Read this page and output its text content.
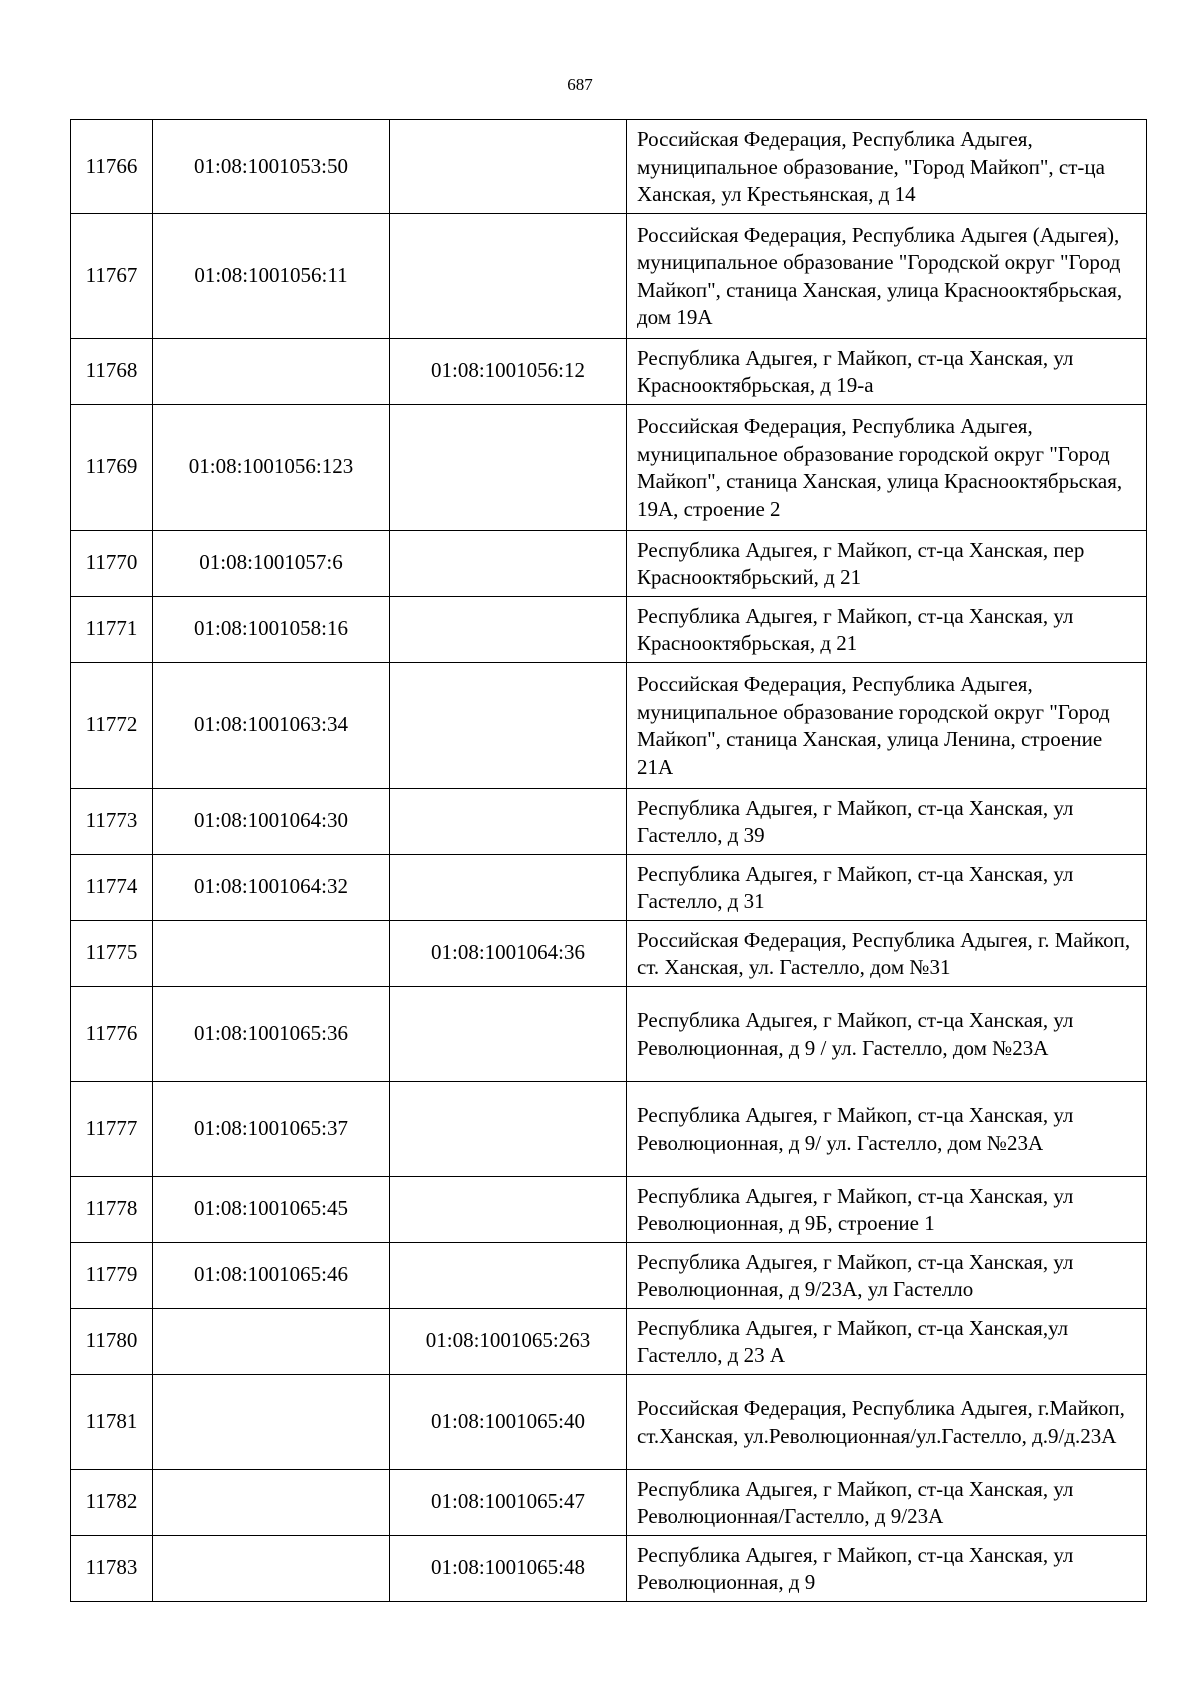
687
11766	01:08:1001053:50		Российская Федерация, Республика Адыгея, муниципальное образование, "Город Майкоп", ст-ца Ханская, ул Крестьянская, д 14
11767	01:08:1001056:11		Российская Федерация, Республика Адыгея (Адыгея), муниципальное образование "Городской округ "Город Майкоп", станица Ханская, улица Краснооктябрьская, дом 19А
11768		01:08:1001056:12	Республика Адыгея, г Майкоп, ст-ца Ханская, ул Краснооктябрьская, д 19-а
11769	01:08:1001056:123		Российская Федерация, Республика Адыгея, муниципальное образование городской округ "Город Майкоп", станица Ханская, улица Краснооктябрьская, 19А, строение 2
11770	01:08:1001057:6		Республика Адыгея, г Майкоп, ст-ца Ханская, пер Краснооктябрьский, д 21
11771	01:08:1001058:16		Республика Адыгея, г Майкоп, ст-ца Ханская, ул Краснооктябрьская, д 21
11772	01:08:1001063:34		Российская Федерация, Республика Адыгея, муниципальное образование городской округ "Город Майкоп", станица Ханская, улица Ленина, строение 21А
11773	01:08:1001064:30		Республика Адыгея, г Майкоп, ст-ца Ханская, ул Гастелло, д 39
11774	01:08:1001064:32		Республика Адыгея, г Майкоп, ст-ца Ханская, ул Гастелло, д 31
11775		01:08:1001064:36	Российская Федерация, Республика Адыгея, г. Майкоп, ст. Ханская, ул. Гастелло, дом №31
11776	01:08:1001065:36		Республика Адыгея, г Майкоп, ст-ца Ханская, ул Революционная, д 9 / ул. Гастелло, дом №23А
11777	01:08:1001065:37		Республика Адыгея, г Майкоп, ст-ца Ханская, ул Революционная, д 9/ ул. Гастелло, дом №23А
11778	01:08:1001065:45		Республика Адыгея, г Майкоп, ст-ца Ханская, ул Революционная, д 9Б, строение 1
11779	01:08:1001065:46		Республика Адыгея, г Майкоп, ст-ца Ханская, ул Революционная, д 9/23А, ул Гастелло
11780		01:08:1001065:263	Республика Адыгея, г Майкоп, ст-ца Ханская,ул Гастелло, д 23 А
11781		01:08:1001065:40	Российская Федерация, Республика Адыгея, г.Майкоп, ст.Ханская, ул.Революционная/ул.Гастелло, д.9/д.23А
11782		01:08:1001065:47	Республика Адыгея, г Майкоп, ст-ца Ханская, ул Революционная/Гастелло, д 9/23А
11783		01:08:1001065:48	Республика Адыгея, г Майкоп, ст-ца Ханская, ул Революционная, д 9
